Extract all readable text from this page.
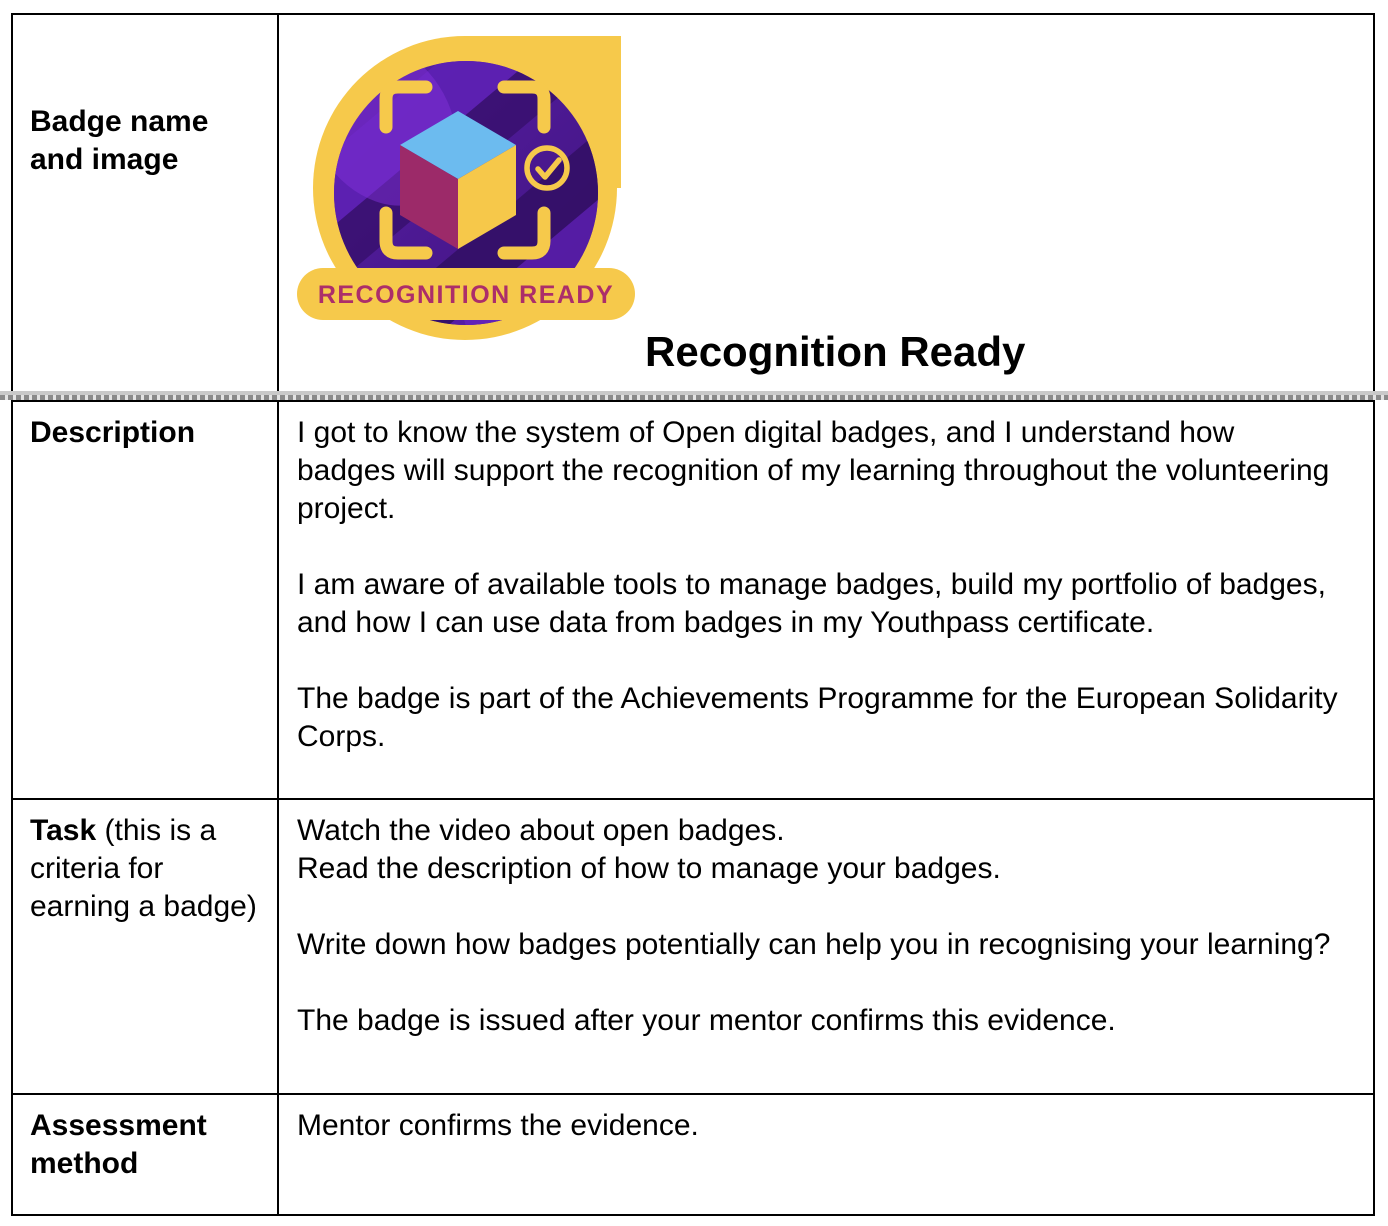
Badge name and image
RECOGNITION READY
Recognition Ready
Description	I got to know the system of Open digital badges, and I understand how badges will support the recognition of my learning throughout the volunteering project.

I am aware of available tools to manage badges, build my portfolio of badges, and how I can use data from badges in my Youthpass certificate.

The badge is part of the Achievements Programme for the European Solidarity Corps.

Task (this is a criteria for earning a badge)

Watch the video about open badges.
Read the description of how to manage your badges.

Write down how badges potentially can help you in recognising your learning?

The badge is issued after your mentor confirms this evidence.

Assessment method

Mentor confirms the evidence.
